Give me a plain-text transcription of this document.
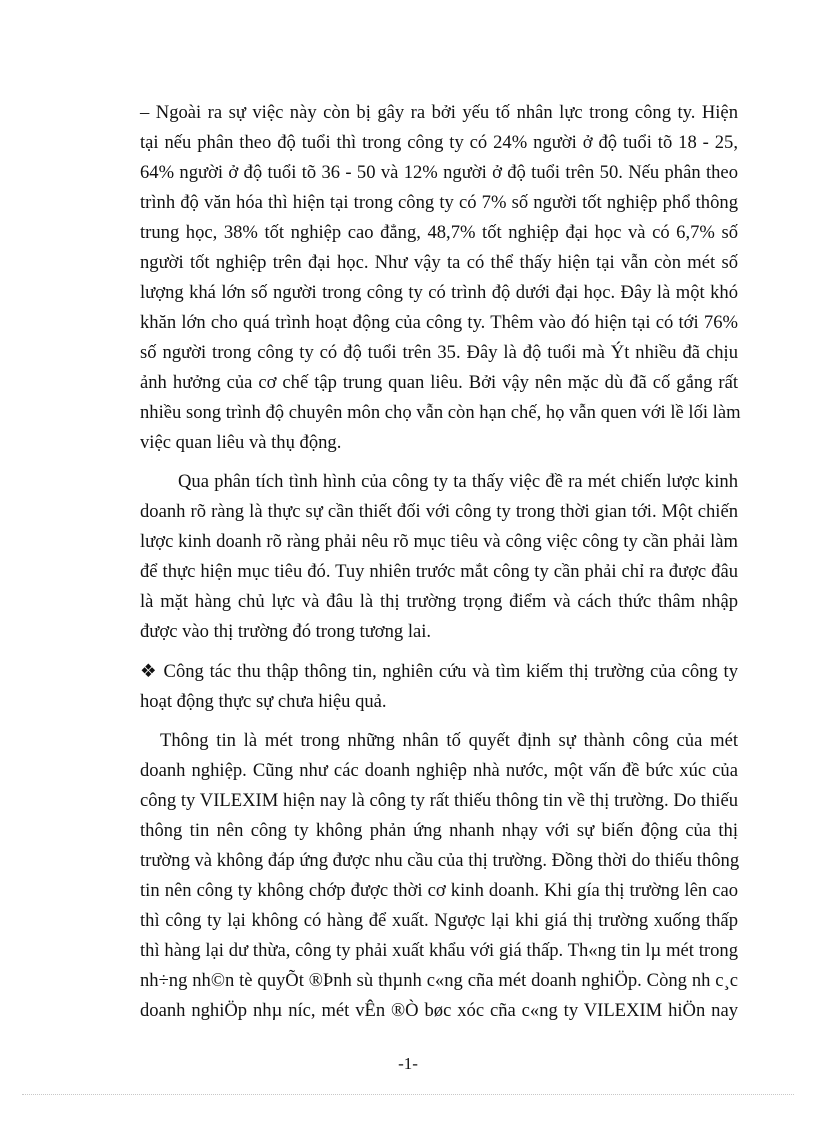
– Ngoài ra sự việc này còn bị gây ra bởi yếu tố nhân lực trong công ty. Hiện
tại nếu phân theo độ tuổi thì trong công ty có 24% người ở độ tuổi tõ 18 - 25,
64% người ở độ tuổi tõ 36 - 50 và 12% người ở độ tuổi trên 50. Nếu phân theo
trình độ văn hóa thì hiện tại trong công ty có 7% số người tốt nghiệp phổ thông
trung học, 38% tốt nghiệp cao đẳng, 48,7% tốt nghiệp đại học và có 6,7% số
người tốt nghiệp trên đại học. Như vậy ta có thể thấy hiện tại vẫn còn mét số
lượng khá lớn số người trong công ty có trình độ dưới đại học. Đây là một khó
khăn lớn cho quá trình hoạt động của công ty. Thêm vào đó hiện tại có tới 76%
số người trong công ty có độ tuổi trên 35. Đây là độ tuổi mà Ýt nhiều đã chịu
ảnh hưởng của cơ chế tập trung quan liêu. Bởi vậy nên mặc dù đã cố gắng rất
nhiều song trình độ chuyên môn chọ vẫn còn hạn chế, họ vẫn quen với lề lối làm
việc quan liêu và thụ động.
Qua phân tích tình hình của công ty ta thấy việc đề ra mét chiến lược kinh
doanh rõ ràng là thực sự cần thiết đối với công ty trong thời gian tới. Một chiến
lược kinh doanh rõ ràng phải nêu rõ mục tiêu và công việc công ty cần phải làm
để thực hiện mục tiêu đó. Tuy nhiên trước mắt công ty cần phải chỉ ra được đâu
là mặt hàng chủ lực và đâu là thị trường trọng điểm và cách thức thâm nhập
được vào thị trường đó trong tương lai.
❖ Công tác thu thập thông tin, nghiên cứu và tìm kiếm thị trường của công ty
hoạt động thực sự chưa hiệu quả.
Thông tin là mét trong những nhân tố quyết định sự thành công của mét
doanh nghiệp. Cũng như các doanh nghiệp nhà nước, một vấn đề bức xúc của
công ty VILEXIM hiện nay là công ty rất thiếu thông tin về thị trường. Do thiếu
thông tin nên công ty không phản ứng nhanh nhạy với sự biến động của thị
trường và không đáp ứng được nhu cầu của thị trường. Đồng thời do thiếu thông
tin nên công ty không chớp được thời cơ kinh doanh. Khi gía thị trường lên cao
thì công ty lại không có hàng để xuất. Ngược lại khi giá thị trường xuống thấp
thì hàng lại dư thừa, công ty phải xuất khẩu với giá thấp. Th«ng tin lµ mét trong
nh÷ng nh©n tè quyÕt ®Þnh sù thµnh c«ng cña mét doanh nghiÖp. Còng nh c¸c
doanh nghiÖp nhµ níc, mét vÊn ®Ò bøc xóc cña c«ng ty VILEXIM hiÖn nay
-1-
